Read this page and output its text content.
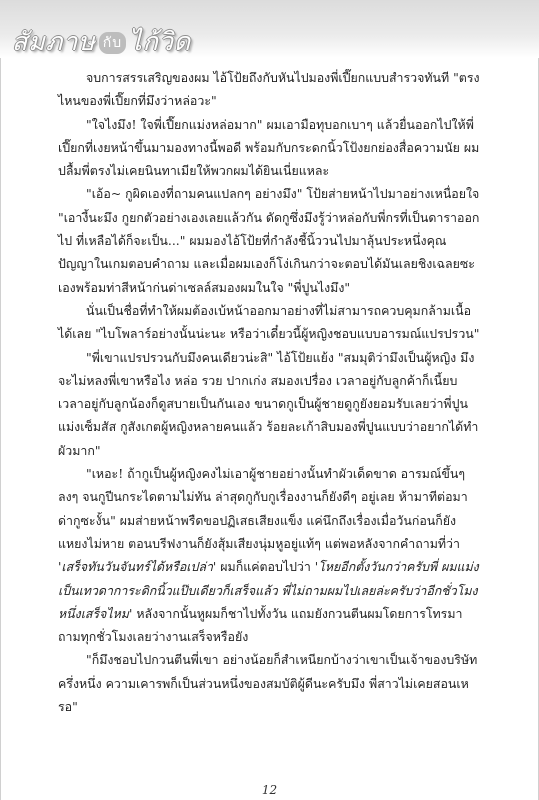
สัมภาษ กับ ไก้วิด

จบการสรรเสริญของผม ไอ้โป้ยถึงกับหันไปมองพี่เปี๊ยกแบบสำรวจทันที "ตรงไหนของพี่เปี๊ยกที่มึงว่าหล่อวะ"

"ใจไงมึง! ใจพี่เปี๊ยกแม่งหล่อมาก" ผมเอามือทุบอกเบาๆ แล้วยื่นออกไปให้พี่เปี๊ยกที่เงยหน้าขึ้นมามองทางนี้พอดี พร้อมกับกระดกนิ้วโป้งยกย่องสื่อความนัย ผมปลื้มพี่ตรงไม่เคยนินทาเมียให้พวกผมได้ยินเนี่ยแหละ

"เอ้อ~ กูผิดเองที่ถามคนแปลกๆ อย่างมึง" โป้ยส่ายหน้าไปมาอย่างเหนื่อยใจ "เอางี้นะมึง กูยกตัวอย่างเองเลยแล้วกัน ดัดกูซึ่งมึงรู้ว่าหล่อกับพี่กรที่เป็นดาราออกไป ที่เหลือได้ก็จะเป็น..." ผมมองไอ้โป้ยที่กำลังชี้นิ้ววนไปมาลุ้นประหนึ่งคุณปัญญาในเกมตอบคำถาม และเมื่อผมเองก็โง่เกินกว่าจะตอบได้มันเลยชิงเฉลยซะเองพร้อมท่าสีหน้าก่นด่าเซลล์สมองผมในใจ "พี่ปูนไงมึง"

นั่นเป็นชื่อที่ทำให้ผมต้องเบ้หน้าออกมาอย่างที่ไม่สามารถควบคุมกล้ามเนื้อได้เลย "ไบโพลาร์อย่างนั้นน่ะนะ หรือว่าเดี๋ยวนี้ผู้หญิงชอบแบบอารมณ์แปรปรวน"

"พี่เขาแปรปรวนกับมึงคนเดียวน่ะสิ" ไอ้โป้ยแย้ง "สมมุติว่ามึงเป็นผู้หญิง มึงจะไม่หลงพี่เขาหรือไง หล่อ รวย ปากเก่ง สมองเปรื่อง เวลาอยู่กับลูกค้าก็เนี้ยบ เวลาอยู่กับลูกน้องก็ดูสบายเป็นกันเอง ขนาดกูเป็นผู้ชายดูกูยังยอมรับเลยว่าพี่ปูนแม่งเซ็มสัส กูสังเกตผู้หญิงหลายคนแล้ว ร้อยละเก้าสิบมองพี่ปูนแบบว่าอยากได้ทำผัวมาก"

"เหอะ! ถ้ากูเป็นผู้หญิงคงไม่เอาผู้ชายอย่างนั้นทำผัวเด็ดขาด อารมณ์ขึ้นๆ ลงๆ จนกูปีนกระไดตามไม่ทัน ล่าสุดกูกับกูเรื่องงานก็ยังดีๆ อยู่เลย ห้ามาทีต่อมาด่ากูซะงั้น" ผมส่ายหน้าพรืดขอปฏิเสธเสียงแข็ง แค่นึกถึงเรื่องเมื่อวันก่อนก็ยังแหยงไม่หาย ตอนบรีฟงานก็ยังสุ้มเสียงนุ่มหูอยู่แท้ๆ แต่พอหลังจากคำถามที่ว่า 'เสร็จทันวันจันทร์ได้หรือเปล่า' ผมก็แค่ตอบไปว่า 'โหยอีกตั้งวันกว่าครับพี่ ผมแม่งเป็นเทวดาการะดิกนิ้วแป๊บเดียวก็เสร็จแล้ว พี่ไม่ถามผมไปเลยล่ะครับว่าอีกชั่วโมงหนึ่งเสร็จไหม' หลังจากนั้นหูผมก็ชาไปทั้งวัน แถมยังกวนตีนผมโดยการโทรมาถามทุกชั่วโมงเลยว่างานเสร็จหรือยัง

"ก็มึงชอบไปกวนตีนพี่เขา อย่างน้อยก็สำเหนียกบ้างว่าเขาเป็นเจ้าของบริษัทครึ่งหนึ่ง ความเคารพก็เป็นส่วนหนึ่งของสมบัติผู้ดีนะครับมึง พี่สาวไม่เคยสอนเหรอ"

12
